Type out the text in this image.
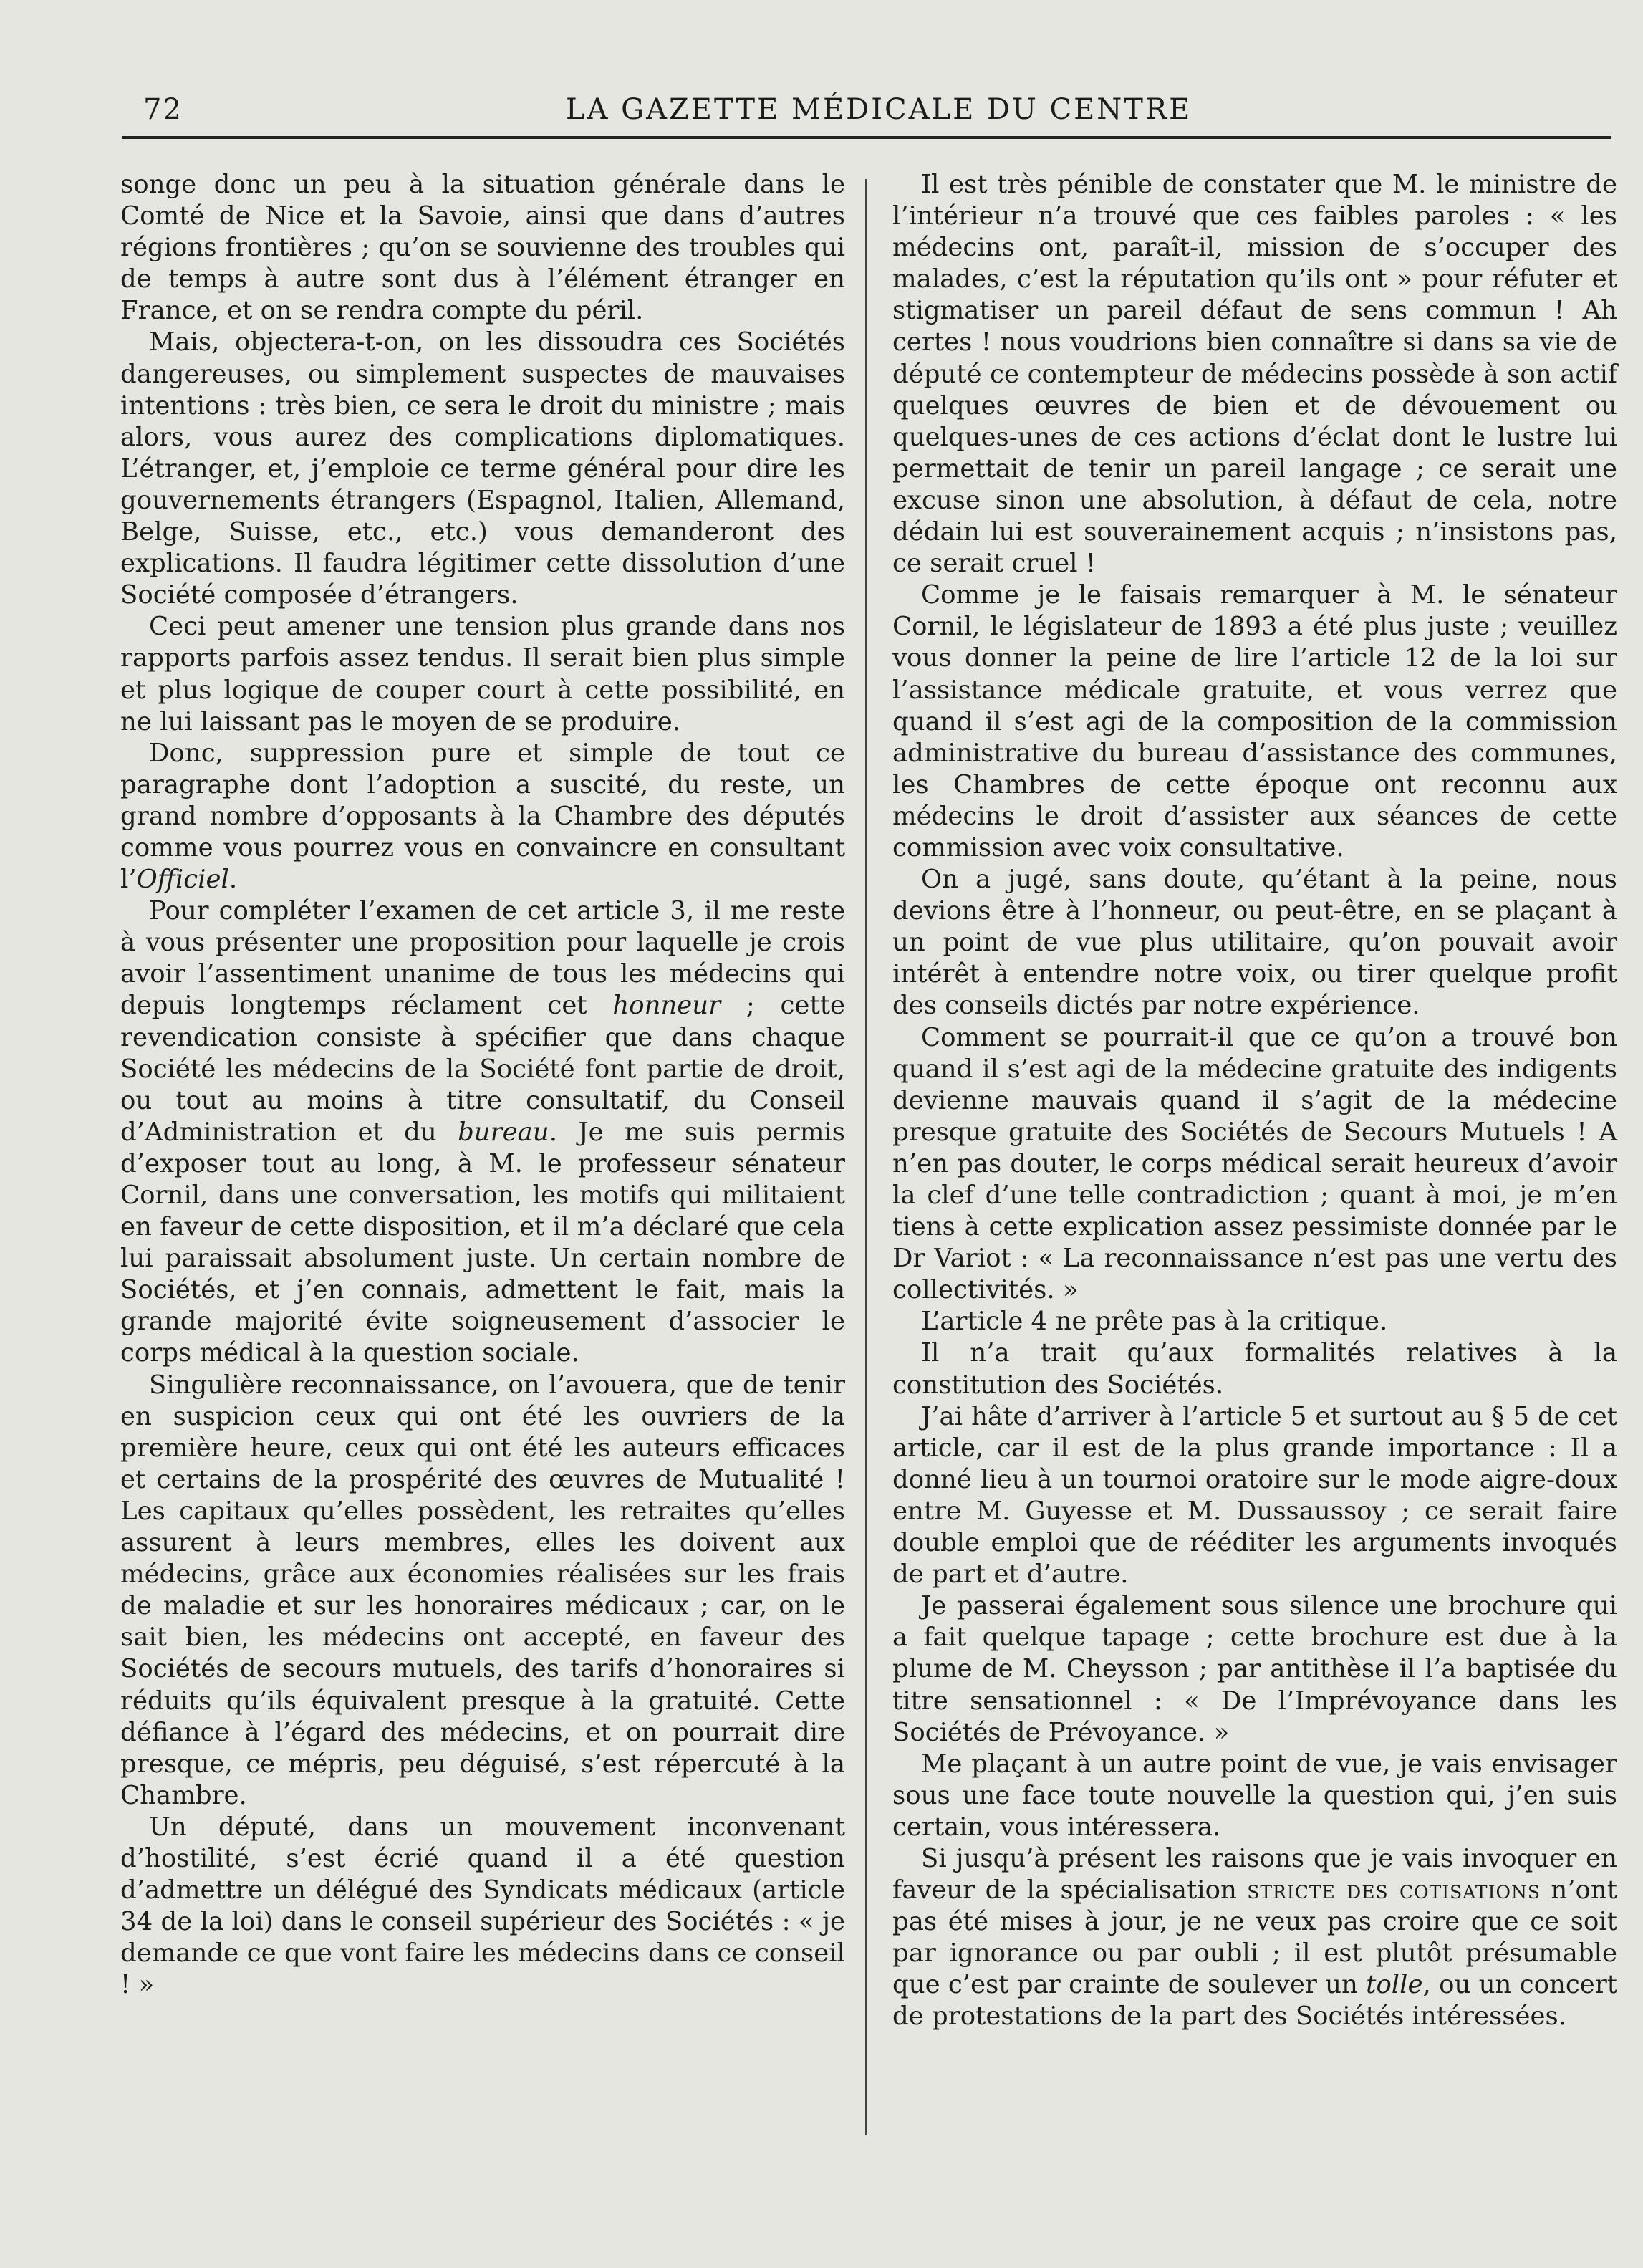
72	LA GAZETTE MÉDICALE DU CENTRE

songe donc un peu à la situation générale dans le Comté de Nice et la Savoie, ainsi que dans d’autres régions frontières ; qu’on se souvienne des troubles qui de temps à autre sont dus à l’élément étranger en France, et on se rendra compte du péril.

Mais, objectera-t-on, on les dissoudra ces Sociétés dangereuses, ou simplement suspectes de mauvaises intentions : très bien, ce sera le droit du ministre ; mais alors, vous aurez des complications diplomatiques. L’étranger, et, j’emploie ce terme général pour dire les gouvernements étrangers (Espagnol, Italien, Allemand, Belge, Suisse, etc., etc.) vous demanderont des explications. Il faudra légitimer cette dissolution d’une Société composée d’étrangers.

Ceci peut amener une tension plus grande dans nos rapports parfois assez tendus. Il serait bien plus simple et plus logique de couper court à cette possibilité, en ne lui laissant pas le moyen de se produire.

Donc, suppression pure et simple de tout ce paragraphe dont l’adoption a suscité, du reste, un grand nombre d’opposants à la Chambre des députés comme vous pourrez vous en convaincre en consultant l’Officiel.

Pour compléter l’examen de cet article 3, il me reste à vous présenter une proposition pour laquelle je crois avoir l’assentiment unanime de tous les médecins qui depuis longtemps réclament cet honneur ; cette revendication consiste à spécifier que dans chaque Société les médecins de la Société font partie de droit, ou tout au moins à titre consultatif, du Conseil d’Administration et du bureau. Je me suis permis d’exposer tout au long, à M. le professeur sénateur Cornil, dans une conversation, les motifs qui militaient en faveur de cette disposition, et il m’a déclaré que cela lui paraissait absolument juste. Un certain nombre de Sociétés, et j’en connais, admettent le fait, mais la grande majorité évite soigneusement d’associer le corps médical à la question sociale.

Singulière reconnaissance, on l’avouera, que de tenir en suspicion ceux qui ont été les ouvriers de la première heure, ceux qui ont été les auteurs efficaces et certains de la prospérité des œuvres de Mutualité ! Les capitaux qu’elles possèdent, les retraites qu’elles assurent à leurs membres, elles les doivent aux médecins, grâce aux économies réalisées sur les frais de maladie et sur les honoraires médicaux ; car, on le sait bien, les médecins ont accepté, en faveur des Sociétés de secours mutuels, des tarifs d’honoraires si réduits qu’ils équivalent presque à la gratuité. Cette défiance à l’égard des médecins, et on pourrait dire presque, ce mépris, peu déguisé, s’est répercuté à la Chambre.

Un député, dans un mouvement inconvenant d’hostilité, s’est écrié quand il a été question d’admettre un délégué des Syndicats médicaux (article 34 de la loi) dans le conseil supérieur des Sociétés : « je demande ce que vont faire les médecins dans ce conseil ! »

Il est très pénible de constater que M. le ministre de l’intérieur n’a trouvé que ces faibles paroles : « les médecins ont, paraît-il, mission de s’occuper des malades, c’est la réputation qu’ils ont » pour réfuter et stigmatiser un pareil défaut de sens commun ! Ah certes ! nous voudrions bien connaître si dans sa vie de député ce contempteur de médecins possède à son actif quelques œuvres de bien et de dévouement ou quelques-unes de ces actions d’éclat dont le lustre lui permettait de tenir un pareil langage ; ce serait une excuse sinon une absolution, à défaut de cela, notre dédain lui est souverainement acquis ; n’insistons pas, ce serait cruel !

Comme je le faisais remarquer à M. le sénateur Cornil, le législateur de 1893 a été plus juste ; veuillez vous donner la peine de lire l’article 12 de la loi sur l’assistance médicale gratuite, et vous verrez que quand il s’est agi de la composition de la commission administrative du bureau d’assistance des communes, les Chambres de cette époque ont reconnu aux médecins le droit d’assister aux séances de cette commission avec voix consultative.

On a jugé, sans doute, qu’étant à la peine, nous devions être à l’honneur, ou peut-être, en se plaçant à un point de vue plus utilitaire, qu’on pouvait avoir intérêt à entendre notre voix, ou tirer quelque profit des conseils dictés par notre expérience.

Comment se pourrait-il que ce qu’on a trouvé bon quand il s’est agi de la médecine gratuite des indigents devienne mauvais quand il s’agit de la médecine presque gratuite des Sociétés de Secours Mutuels ! A n’en pas douter, le corps médical serait heureux d’avoir la clef d’une telle contradiction ; quant à moi, je m’en tiens à cette explication assez pessimiste donnée par le Dr Variot : « La reconnaissance n’est pas une vertu des collectivités. »

L’article 4 ne prête pas à la critique.

Il n’a trait qu’aux formalités relatives à la constitution des Sociétés.

J’ai hâte d’arriver à l’article 5 et surtout au § 5 de cet article, car il est de la plus grande importance : Il a donné lieu à un tournoi oratoire sur le mode aigre-doux entre M. Guyesse et M. Dussaussoy ; ce serait faire double emploi que de rééditer les arguments invoqués de part et d’autre.

Je passerai également sous silence une brochure qui a fait quelque tapage ; cette brochure est due à la plume de M. Cheysson ; par antithèse il l’a baptisée du titre sensationnel : « De l’Imprévoyance dans les Sociétés de Prévoyance. »

Me plaçant à un autre point de vue, je vais envisager sous une face toute nouvelle la question qui, j’en suis certain, vous intéressera.

Si jusqu’à présent les raisons que je vais invoquer en faveur de la spécialisation stricte des cotisations n’ont pas été mises à jour, je ne veux pas croire que ce soit par ignorance ou par oubli ; il est plutôt présumable que c’est par crainte de soulever un tolle, ou un concert de protestations de la part des Sociétés intéressées.
